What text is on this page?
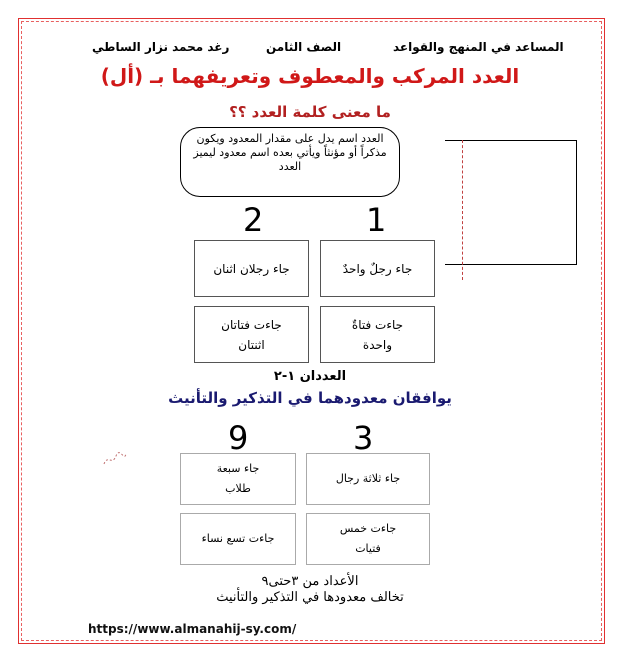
المساعد في المنهج والقواعد
الصف الثامن
رغد محمد نزار الساطي
العدد المركب والمعطوف وتعريفهما بـ (أل)
ما معنى كلمة العدد ؟؟
العدد اسم يدل على مقدار المعدود ويكون مذكراً أو مؤنثاً ويأتي بعده اسم معدود ليميز العدد
1
2
جاء رجلٌ واحدٌ
جاء رجلان اثنان
جاءت فتاةٌ واحدة
جاءت فتاتان اثنتان
العددان ١-٢
يوافقان معدودهما في التذكير والتأنيث
3
9
جاء ثلاثة رجال
جاء سبعة طلاب
جاءت خمس فتيات
جاءت تسع نساء
الأعداد من ٣حتى٩
تخالف معدودها في التذكير والتأنيث
https://www.almanahij-sy.com/
